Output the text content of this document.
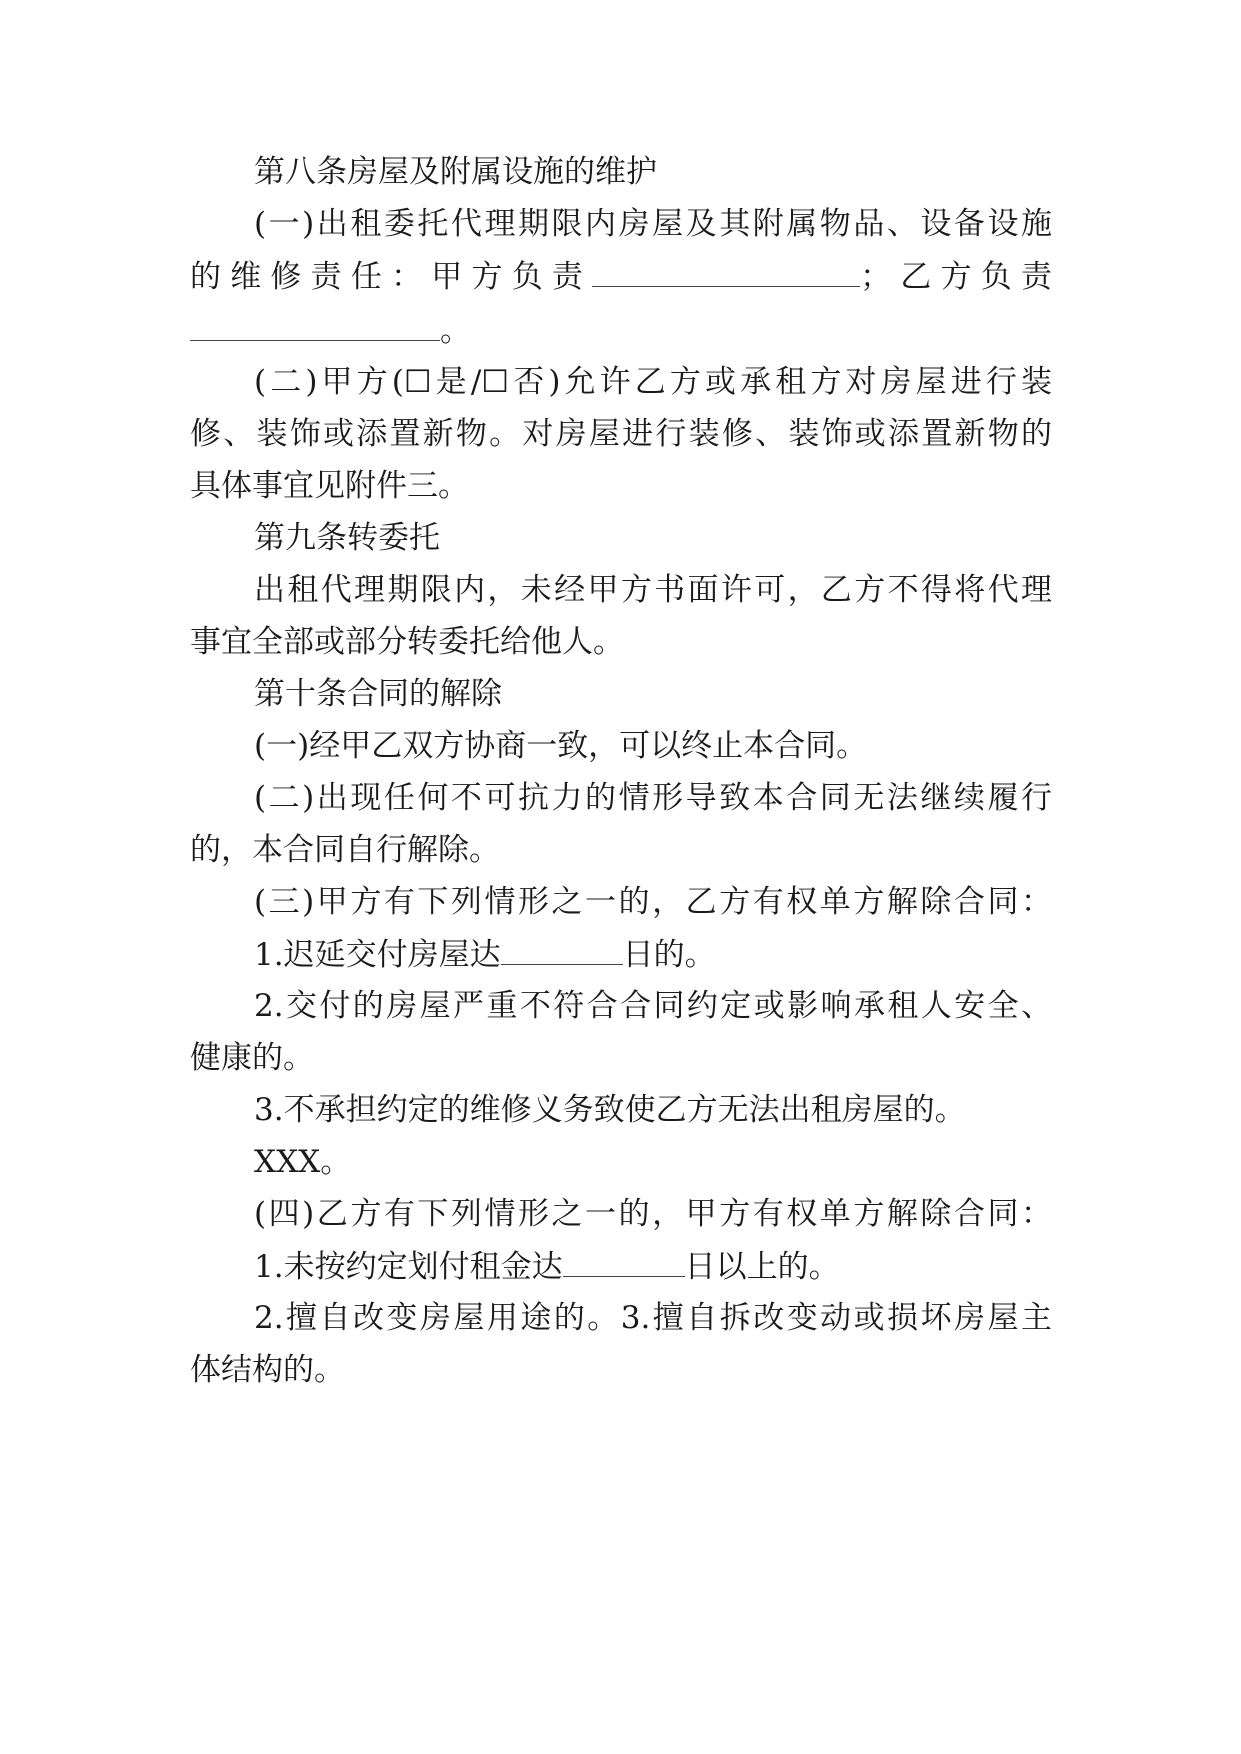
第八条房屋及附属设施的维护
(一)出租委托代理期限内房屋及其附属物品、设备设施
的维修责任：甲方负责	；乙方负责
。
(二)甲方(☐是/☐否)允许乙方或承租方对房屋进行装
修、装饰或添置新物。对房屋进行装修、装饰或添置新物的
具体事宜见附件三。
第九条转委托
出租代理期限内，未经甲方书面许可，乙方不得将代理
事宜全部或部分转委托给他人。
第十条合同的解除
(一)经甲乙双方协商一致，可以终止本合同。
(二)出现任何不可抗力的情形导致本合同无法继续履行
的，本合同自行解除。
(三)甲方有下列情形之一的，乙方有权单方解除合同：
1.迟延交付房屋达	日的。
2.交付的房屋严重不符合合同约定或影响承租人安全、
健康的。
3.不承担约定的维修义务致使乙方无法出租房屋的。
XXX。
(四)乙方有下列情形之一的，甲方有权单方解除合同：
1.未按约定划付租金达	日以上的。
2.擅自改变房屋用途的。3.擅自拆改变动或损坏房屋主
体结构的。
